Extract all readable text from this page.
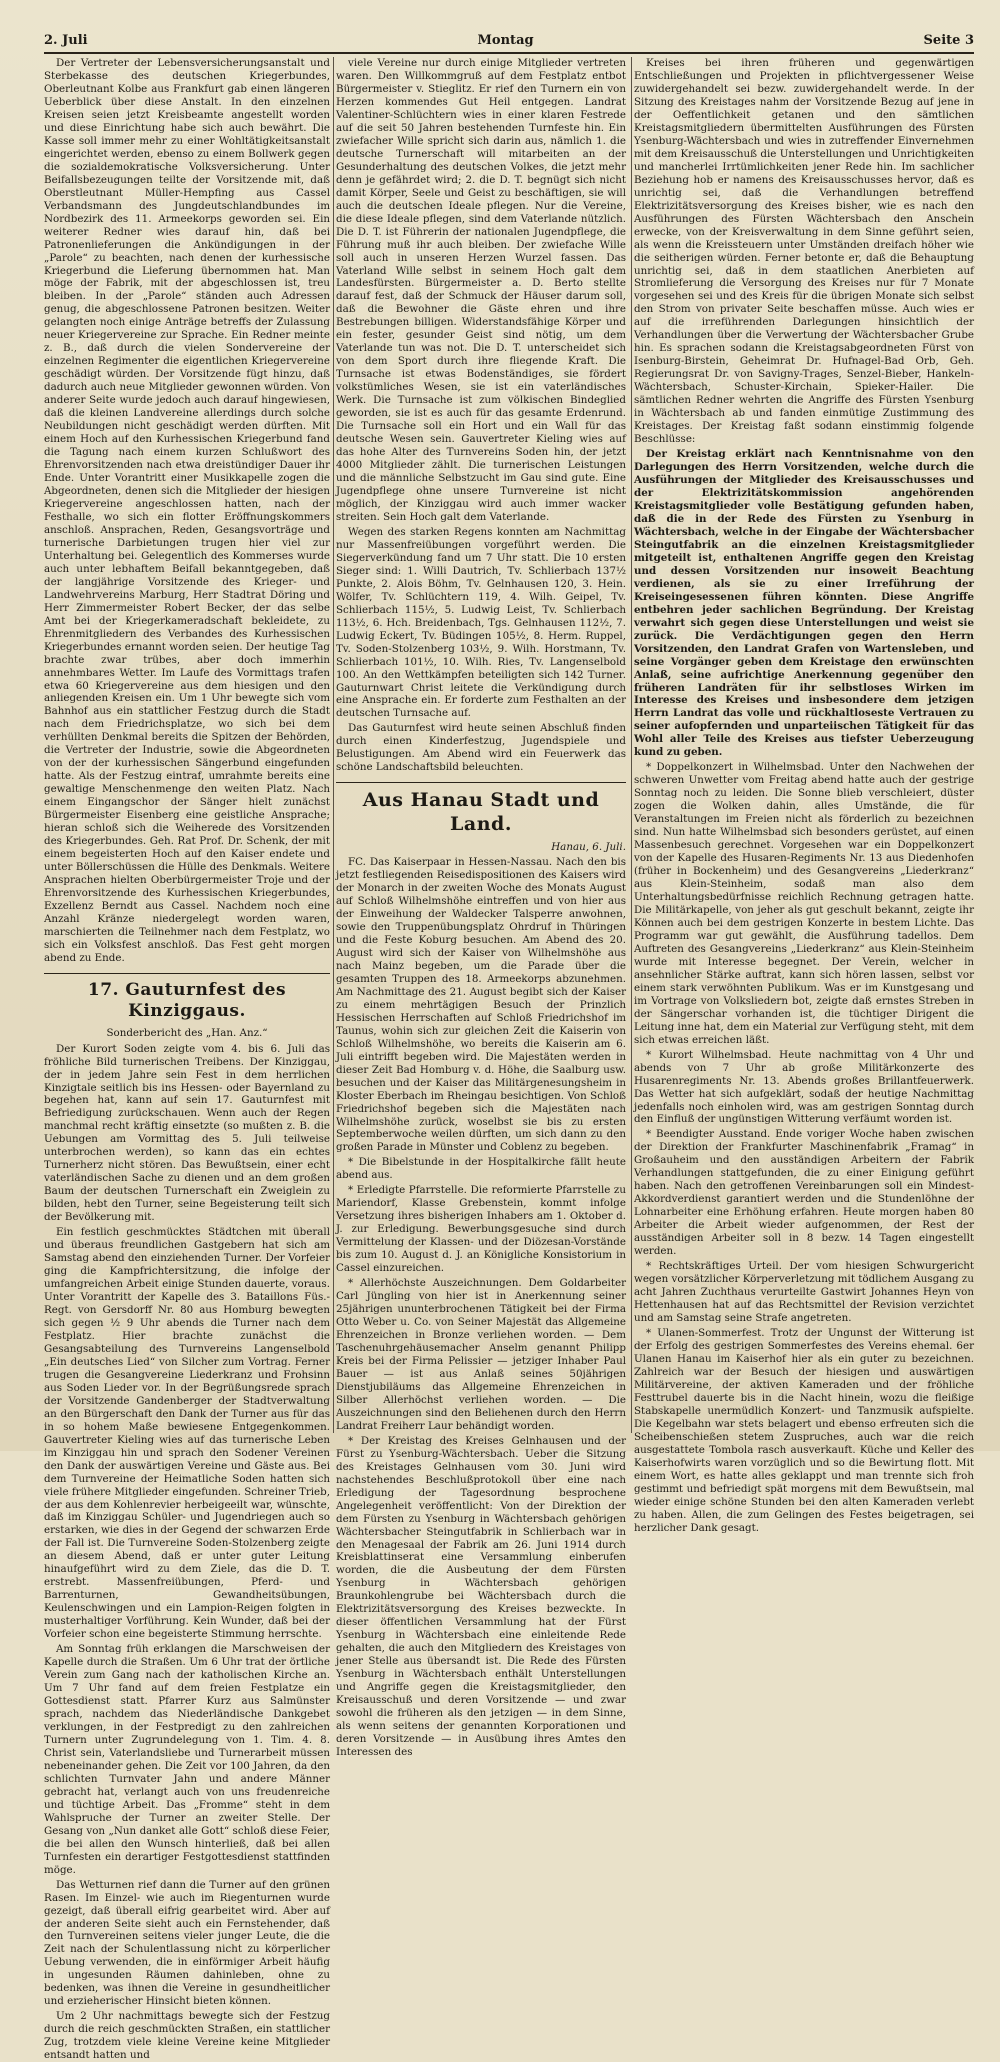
2. Juli	Montag	Seite 3

Der Vertreter der Lebensversicherungsanstalt und Sterbekasse des deutschen Kriegerbundes, Oberleutnant Kolbe aus Frankfurt gab einen längeren Ueberblick über diese Anstalt. In den einzelnen Kreisen seien jetzt Kreisbeamte angestellt worden und diese Einrichtung habe sich auch bewährt. Die Kasse soll immer mehr zu einer Wohltätigkeitsanstalt eingerichtet werden, ebenso zu einem Bollwerk gegen die sozialdemokratische Volksversicherung. Unter Beifallsbezeugungen teilte der Vorsitzende mit, daß Oberstleutnant Müller-Hempfing aus Cassel Verbandsmann des Jungdeutschlandbundes im Nordbezirk des 11. Armeekorps geworden sei. Ein weiterer Redner wies darauf hin, daß bei Patronenlieferungen die Ankündigungen in der „Parole“ zu beachten, nach denen der kurhessische Kriegerbund die Lieferung übernommen hat. Man möge der Fabrik, mit der abgeschlossen ist, treu bleiben. In der „Parole“ ständen auch Adressen genug, die abgeschlossene Patronen besitzen. Weiter gelangten noch einige Anträge betreffs der Zulassung neuer Kriegervereine zur Sprache. Ein Redner meinte z. B., daß durch die vielen Sondervereine der einzelnen Regimenter die eigentlichen Kriegervereine geschädigt würden. Der Vorsitzende fügt hinzu, daß dadurch auch neue Mitglieder gewonnen würden. Von anderer Seite wurde jedoch auch darauf hingewiesen, daß die kleinen Landvereine allerdings durch solche Neubildungen nicht geschädigt werden dürften. Mit einem Hoch auf den Kurhessischen Kriegerbund fand die Tagung nach einem kurzen Schlußwort des Ehrenvorsitzenden nach etwa dreistündiger Dauer ihr Ende. Unter Vorantritt einer Musikkapelle zogen die Abgeordneten, denen sich die Mitglieder der hiesigen Kriegervereine angeschlossen hatten, nach der Festhalle, wo sich ein flotter Eröffnungskommers anschloß. Ansprachen, Reden, Gesangsvorträge und turnerische Darbietungen trugen hier viel zur Unterhaltung bei. Gelegentlich des Kommerses wurde auch unter lebhaftem Beifall bekanntgegeben, daß der langjährige Vorsitzende des Krieger- und Landwehrvereins Marburg, Herr Stadtrat Döring und Herr Zimmermeister Robert Becker, der das selbe Amt bei der Kriegerkameradschaft bekleidete, zu Ehrenmitgliedern des Verbandes des Kurhessischen Kriegerbundes ernannt worden seien. Der heutige Tag brachte zwar trübes, aber doch immerhin annehmbares Wetter. Im Laufe des Vormittags trafen etwa 60 Kriegervereine aus dem hiesigen und den anliegenden Kreisen ein. Um 1 Uhr bewegte sich vom Bahnhof aus ein stattlicher Festzug durch die Stadt nach dem Friedrichsplatze, wo sich bei dem verhüllten Denkmal bereits die Spitzen der Behörden, die Vertreter der Industrie, sowie die Abgeordneten von der der kurhessischen Sängerbund eingefunden hatte. Als der Festzug eintraf, umrahmte bereits eine gewaltige Menschenmenge den weiten Platz. Nach einem Eingangschor der Sänger hielt zunächst Bürgermeister Eisenberg eine geistliche Ansprache; hieran schloß sich die Weiherede des Vorsitzenden des Kriegerbundes. Geh. Rat Prof. Dr. Schenk, der mit einem begeisterten Hoch auf den Kaiser endete und unter Böllerschüssen die Hülle des Denkmals. Weitere Ansprachen hielten Oberbürgermeister Troje und der Ehrenvorsitzende des Kurhessischen Kriegerbundes, Exzellenz Berndt aus Cassel. Nachdem noch eine Anzahl Kränze niedergelegt worden waren, marschierten die Teilnehmer nach dem Festplatz, wo sich ein Volksfest anschloß. Das Fest geht morgen abend zu Ende.

17. Gauturnfest des Kinziggaus.
Sonderbericht des „Han. Anz.“

Der Kurort Soden zeigte vom 4. bis 6. Juli das fröhliche Bild turnerischen Treibens. Der Kinziggau, der in jedem Jahre sein Fest in dem herrlichen Kinzigtale seitlich bis ins Hessen- oder Bayernland zu begehen hat, kann auf sein 17. Gauturnfest mit Befriedigung zurückschauen. Wenn auch der Regen manchmal recht kräftig einsetzte (so mußten z. B. die Uebungen am Vormittag des 5. Juli teilweise unterbrochen werden), so kann das ein echtes Turnerherz nicht stören. Das Bewußtsein, einer echt vaterländischen Sache zu dienen und an dem großen Baum der deutschen Turnerschaft ein Zweiglein zu bilden, hebt den Turner, seine Begeisterung teilt sich der Bevölkerung mit.

Ein festlich geschmücktes Städtchen mit überall und überaus freundlichen Gastgebern hat sich am Samstag abend den einziehenden Turner. Der Vorfeier ging die Kampfrichtersitzung, die infolge der umfangreichen Arbeit einige Stunden dauerte, voraus. Unter Vorantritt der Kapelle des 3. Bataillons Füs.-Regt. von Gersdorff Nr. 80 aus Homburg bewegten sich gegen ½ 9 Uhr abends die Turner nach dem Festplatz. Hier brachte zunächst die Gesangsabteilung des Turnvereins Langenselbold „Ein deutsches Lied“ von Silcher zum Vortrag. Ferner trugen die Gesangvereine Liederkranz und Frohsinn aus Soden Lieder vor. In der Begrüßungsrede sprach der Vorsitzende Gandenberger der Stadtverwaltung an den Bürgerschaft den Dank der Turner aus für das in so hohem Maße bewiesene Entgegenkommen. Gauvertreter Kieling wies auf das turnerische Leben im Kinziggau hin und sprach den Sodener Vereinen den Dank der auswärtigen Vereine und Gäste aus. Bei dem Turnvereine der Heimatliche Soden hatten sich viele frühere Mitglieder eingefunden. Schreiner Trieb, der aus dem Kohlenrevier herbeigeeilt war, wünschte, daß im Kinziggau Schüler- und Jugendriegen auch so erstarken, wie dies in der Gegend der schwarzen Erde der Fall ist. Die Turnvereine Soden-Stolzenberg zeigte an diesem Abend, daß er unter guter Leitung hinaufgeführt wird zu dem Ziele, das die D. T. erstrebt. Massenfreiübungen, Pferd- und Barrenturnen, Gewandheitsübungen, Keulenschwingen und ein Lampion-Reigen folgten in musterhaltiger Vorführung. Kein Wunder, daß bei der Vorfeier schon eine begeisterte Stimmung herrschte.

Am Sonntag früh erklangen die Marschweisen der Kapelle durch die Straßen. Um 6 Uhr trat der örtliche Verein zum Gang nach der katholischen Kirche an. Um 7 Uhr fand auf dem freien Festplatze ein Gottesdienst statt. Pfarrer Kurz aus Salmünster sprach, nachdem das Niederländische Dankgebet verklungen, in der Festpredigt zu den zahlreichen Turnern unter Zugrundelegung von 1. Tim. 4. 8. Christ sein, Vaterlandsliebe und Turnerarbeit müssen nebeneinander gehen. Die Zeit vor 100 Jahren, da den schlichten Turnvater Jahn und andere Männer gebracht hat, verlangt auch von uns freudenreiche und tüchtige Arbeit. Das „Fromme“ steht in dem Wahlspruche der Turner an zweiter Stelle. Der Gesang von „Nun danket alle Gott“ schloß diese Feier, die bei allen den Wunsch hinterließ, daß bei allen Turnfesten ein derartiger Festgottesdienst stattfinden möge.

Das Wetturnen rief dann die Turner auf den grünen Rasen. Im Einzel- wie auch im Riegenturnen wurde gezeigt, daß überall eifrig gearbeitet wird. Aber auf der anderen Seite sieht auch ein Fernstehender, daß den Turnvereinen seitens vieler junger Leute, die die Zeit nach der Schulentlassung nicht zu körperlicher Uebung verwenden, die in einförmiger Arbeit häufig in ungesunden Räumen dahinleben, ohne zu bedenken, was ihnen die Vereine in gesundheitlicher und erzieherischer Hinsicht bieten können.

Um 2 Uhr nachmittags bewegte sich der Festzug durch die reich geschmückten Straßen, ein stattlicher Zug, trotzdem viele kleine Vereine keine Mitglieder entsandt hatten und

viele Vereine nur durch einige Mitglieder vertreten waren. Den Willkommgruß auf dem Festplatz entbot Bürgermeister v. Stieglitz. Er rief den Turnern ein von Herzen kommendes Gut Heil entgegen. Landrat Valentiner-Schlüchtern wies in einer klaren Festrede auf die seit 50 Jahren bestehenden Turnfeste hin. Ein zwiefacher Wille spricht sich darin aus, nämlich 1. die deutsche Turnerschaft will mitarbeiten an der Gesunderhaltung des deutschen Volkes, die jetzt mehr denn je gefährdet wird; 2. die D. T. begnügt sich nicht damit Körper, Seele und Geist zu beschäftigen, sie will auch die deutschen Ideale pflegen. Nur die Vereine, die diese Ideale pflegen, sind dem Vaterlande nützlich. Die D. T. ist Führerin der nationalen Jugendpflege, die Führung muß ihr auch bleiben. Der zwiefache Wille soll auch in unseren Herzen Wurzel fassen. Das Vaterland Wille selbst in seinem Hoch galt dem Landesfürsten. Bürgermeister a. D. Berto stellte darauf fest, daß der Schmuck der Häuser darum soll, daß die Bewohner die Gäste ehren und ihre Bestrebungen billigen. Widerstandsfähige Körper und ein fester, gesunder Geist sind nötig, um dem Vaterlande tun was not. Die D. T. unterscheidet sich von dem Sport durch ihre fliegende Kraft. Die Turnsache ist etwas Bodenständiges, sie fördert volkstümliches Wesen, sie ist ein vaterländisches Werk. Die Turnsache ist zum völkischen Bindeglied geworden, sie ist es auch für das gesamte Erdenrund. Die Turnsache soll ein Hort und ein Wall für das deutsche Wesen sein. Gauvertreter Kieling wies auf das hohe Alter des Turnvereins Soden hin, der jetzt 4000 Mitglieder zählt. Die turnerischen Leistungen und die männliche Selbstzucht im Gau sind gute. Eine Jugendpflege ohne unsere Turnvereine ist nicht möglich, der Kinziggau wird auch immer wacker streiten. Sein Hoch galt dem Vaterlande.

Wegen des starken Regens konnten am Nachmittag nur Massenfreiübungen vorgeführt werden. Die Siegerverkündung fand um 7 Uhr statt. Die 10 ersten Sieger sind: 1. Willi Dautrich, Tv. Schlierbach 137½ Punkte, 2. Alois Böhm, Tv. Gelnhausen 120, 3. Hein. Wölfer, Tv. Schlüchtern 119, 4. Wilh. Geipel, Tv. Schlierbach 115½, 5. Ludwig Leist, Tv. Schlierbach 113½, 6. Hch. Breidenbach, Tgs. Gelnhausen 112½, 7. Ludwig Eckert, Tv. Büdingen 105½, 8. Herm. Ruppel, Tv. Soden-Stolzenberg 103½, 9. Wilh. Horstmann, Tv. Schlierbach 101½, 10. Wilh. Ries, Tv. Langenselbold 100. An den Wettkämpfen beteiligten sich 142 Turner. Gauturnwart Christ leitete die Verkündigung durch eine Ansprache ein. Er forderte zum Festhalten an der deutschen Turnsache auf.

Das Gauturnfest wird heute seinen Abschluß finden durch einen Kinderfestzug, Jugendspiele und Belustigungen. Am Abend wird ein Feuerwerk das schöne Landschaftsbild beleuchten.

Aus Hanau Stadt und Land.
Hanau, 6. Juli.

FC. Das Kaiserpaar in Hessen-Nassau. Nach den bis jetzt festliegenden Reisedispositionen des Kaisers wird der Monarch in der zweiten Woche des Monats August auf Schloß Wilhelmshöhe eintreffen und von hier aus der Einweihung der Waldecker Talsperre anwohnen, sowie den Truppenübungsplatz Ohrdruf in Thüringen und die Feste Koburg besuchen. Am Abend des 20. August wird sich der Kaiser von Wilhelmshöhe aus nach Mainz begeben, um die Parade über die gesamten Truppen des 18. Armeekorps abzunehmen. Am Nachmittage des 21. August begibt sich der Kaiser zu einem mehrtägigen Besuch der Prinzlich Hessischen Herrschaften auf Schloß Friedrichshof im Taunus, wohin sich zur gleichen Zeit die Kaiserin von Schloß Wilhelmshöhe, wo bereits die Kaiserin am 6. Juli eintrifft begeben wird. Die Majestäten werden in dieser Zeit Bad Homburg v. d. Höhe, die Saalburg usw. besuchen und der Kaiser das Militärgenesungsheim in Kloster Eberbach im Rheingau besichtigen. Von Schloß Friedrichshof begeben sich die Majestäten nach Wilhelmshöhe zurück, woselbst sie bis zu ersten Septemberwoche weilen dürften, um sich dann zu den großen Parade in Münster und Coblenz zu begeben.

* Die Bibelstunde in der Hospitalkirche fällt heute abend aus.

* Erledigte Pfarrstelle. Die reformierte Pfarrstelle zu Mariendorf, Klasse Grebenstein, kommt infolge Versetzung ihres bisherigen Inhabers am 1. Oktober d. J. zur Erledigung. Bewerbungsgesuche sind durch Vermittelung der Klassen- und der Diözesan-Vorstände bis zum 10. August d. J. an Königliche Konsistorium in Cassel einzureichen.

* Allerhöchste Auszeichnungen. Dem Goldarbeiter Carl Jüngling von hier ist in Anerkennung seiner 25jährigen ununterbrochenen Tätigkeit bei der Firma Otto Weber u. Co. von Seiner Majestät das Allgemeine Ehrenzeichen in Bronze verliehen worden. — Dem Taschenuhrgehäusemacher Anselm genannt Philipp Kreis bei der Firma Pelissier — jetziger Inhaber Paul Bauer — ist aus Anlaß seines 50jährigen Dienstjubiläums das Allgemeine Ehrenzeichen in Silber Allerhöchst verliehen worden. — Die Auszeichnungen sind den Beliehenen durch den Herrn Landrat Freiherr Laur behändigt worden.

* Der Kreistag des Kreises Gelnhausen und der Fürst zu Ysenburg-Wächtersbach. Ueber die Sitzung des Kreistages Gelnhausen vom 30. Juni wird nachstehendes Beschlußprotokoll über eine nach Erledigung der Tagesordnung besprochene Angelegenheit veröffentlicht: Von der Direktion der dem Fürsten zu Ysenburg in Wächtersbach gehörigen Wächtersbacher Steingutfabrik in Schlierbach war in den Menagesaal der Fabrik am 26. Juni 1914 durch Kreisblattinserat eine Versammlung einberufen worden, die die Ausbeutung der dem Fürsten Ysenburg in Wächtersbach gehörigen Braunkohlengrube bei Wächtersbach durch die Elektrizitätsversorgung des Kreises bezweckte. In dieser öffentlichen Versammlung hat der Fürst Ysenburg in Wächtersbach eine einleitende Rede gehalten, die auch den Mitgliedern des Kreistages von jener Stelle aus übersandt ist. Die Rede des Fürsten Ysenburg in Wächtersbach enthält Unterstellungen und Angriffe gegen die Kreistagsmitglieder, den Kreisausschuß und deren Vorsitzende — und zwar sowohl die früheren als den jetzigen — in dem Sinne, als wenn seitens der genannten Korporationen und deren Vorsitzende — in Ausübung ihres Amtes den Interessen des

Kreises bei ihren früheren und gegenwärtigen Entschließungen und Projekten in pflichtvergessener Weise zuwidergehandelt sei bezw. zuwidergehandelt werde. In der Sitzung des Kreistages nahm der Vorsitzende Bezug auf jene in der Oeffentlichkeit getanen und den sämtlichen Kreistagsmitgliedern übermittelten Ausführungen des Fürsten Ysenburg-Wächtersbach und wies in zutreffender Einvernehmen mit dem Kreisausschuß die Unterstellungen und Unrichtigkeiten und mancherlei Irrtümlichkeiten jener Rede hin. Im sachlicher Beziehung hob er namens des Kreisausschusses hervor, daß es unrichtig sei, daß die Verhandlungen betreffend Elektrizitätsversorgung des Kreises bisher, wie es nach den Ausführungen des Fürsten Wächtersbach den Anschein erwecke, von der Kreisverwaltung in dem Sinne geführt seien, als wenn die Kreissteuern unter Umständen dreifach höher wie die seitherigen würden. Ferner betonte er, daß die Behauptung unrichtig sei, daß in dem staatlichen Anerbieten auf Stromlieferung die Versorgung des Kreises nur für 7 Monate vorgesehen sei und des Kreis für die übrigen Monate sich selbst den Strom von privater Seite beschaffen müsse. Auch wies er auf die irreführenden Darlegungen hinsichtlich der Verhandlungen über die Verwertung der Wächtersbacher Grube hin. Es sprachen sodann die Kreistagsabgeordneten Fürst von Isenburg-Birstein, Geheimrat Dr. Hufnagel-Bad Orb, Geh. Regierungsrat Dr. von Savigny-Trages, Senzel-Bieber, Hankeln-Wächtersbach, Schuster-Kirchain, Spieker-Hailer. Die sämtlichen Redner wehrten die Angriffe des Fürsten Ysenburg in Wächtersbach ab und fanden einmütige Zustimmung des Kreistages. Der Kreistag faßt sodann einstimmig folgende Beschlüsse:

Der Kreistag erklärt nach Kenntnisnahme von den Darlegungen des Herrn Vorsitzenden, welche durch die Ausführungen der Mitglieder des Kreisausschusses und der Elektrizitätskommission angehörenden Kreistagsmitglieder volle Bestätigung gefunden haben, daß die in der Rede des Fürsten zu Ysenburg in Wächtersbach, welche in der Eingabe der Wächtersbacher Steingutfabrik an die einzelnen Kreistagsmitglieder mitgeteilt ist, enthaltenen Angriffe gegen den Kreistag und dessen Vorsitzenden nur insoweit Beachtung verdienen, als sie zu einer Irreführung der Kreiseingesessenen führen könnten. Diese Angriffe entbehren jeder sachlichen Begründung. Der Kreistag verwahrt sich gegen diese Unterstellungen und weist sie zurück. Die Verdächtigungen gegen den Herrn Vorsitzenden, den Landrat Grafen von Wartensleben, und seine Vorgänger geben dem Kreistage den erwünschten Anlaß, seine aufrichtige Anerkennung gegenüber den früheren Landräten für ihr selbstloses Wirken im Interesse des Kreises und insbesondere dem jetzigen Herrn Landrat das volle und rückhaltloseste Vertrauen zu seiner aufopfernden und unparteiischen Tätigkeit für das Wohl aller Teile des Kreises aus tiefster Ueberzeugung kund zu geben.

* Doppelkonzert in Wilhelmsbad. Unter den Nachwehen der schweren Unwetter vom Freitag abend hatte auch der gestrige Sonntag noch zu leiden. Die Sonne blieb verschleiert, düster zogen die Wolken dahin, alles Umstände, die für Veranstaltungen im Freien nicht als förderlich zu bezeichnen sind. Nun hatte Wilhelmsbad sich besonders gerüstet, auf einen Massenbesuch gerechnet. Vorgesehen war ein Doppelkonzert von der Kapelle des Husaren-Regiments Nr. 13 aus Diedenhofen (früher in Bockenheim) und des Gesangvereins „Liederkranz“ aus Klein-Steinheim, sodaß man also dem Unterhaltungsbedürfnisse reichlich Rechnung getragen hatte. Die Militärkapelle, von jeher als gut geschult bekannt, zeigte ihr Können auch bei dem gestrigen Konzerte in bestem Lichte. Das Programm war gut gewählt, die Ausführung tadellos. Dem Auftreten des Gesangvereins „Liederkranz“ aus Klein-Steinheim wurde mit Interesse begegnet. Der Verein, welcher in ansehnlicher Stärke auftrat, kann sich hören lassen, selbst vor einem stark verwöhnten Publikum. Was er im Kunstgesang und im Vortrage von Volksliedern bot, zeigte daß ernstes Streben in der Sängerschar vorhanden ist, die tüchtiger Dirigent die Leitung inne hat, dem ein Material zur Verfügung steht, mit dem sich etwas erreichen läßt.

* Kurort Wilhelmsbad. Heute nachmittag von 4 Uhr und abends von 7 Uhr ab große Militärkonzerte des Husarenregiments Nr. 13. Abends großes Brillantfeuerwerk. Das Wetter hat sich aufgeklärt, sodaß der heutige Nachmittag jedenfalls noch einholen wird, was am gestrigen Sonntag durch den Einfluß der ungünstigen Witterung verfäumt worden ist.

* Beendigter Ausstand. Ende voriger Woche haben zwischen der Direktion der Frankfurter Maschinenfabrik „Framag“ in Großauheim und den ausständigen Arbeitern der Fabrik Verhandlungen stattgefunden, die zu einer Einigung geführt haben. Nach den getroffenen Vereinbarungen soll ein Mindest-Akkordverdienst garantiert werden und die Stundenlöhne der Lohnarbeiter eine Erhöhung erfahren. Heute morgen haben 80 Arbeiter die Arbeit wieder aufgenommen, der Rest der ausständigen Arbeiter soll in 8 bezw. 14 Tagen eingestellt werden.

* Rechtskräftiges Urteil. Der vom hiesigen Schwurgericht wegen vorsätzlicher Körperverletzung mit tödlichem Ausgang zu acht Jahren Zuchthaus verurteilte Gastwirt Johannes Heyn von Hettenhausen hat auf das Rechtsmittel der Revision verzichtet und am Samstag seine Strafe angetreten.

* Ulanen-Sommerfest. Trotz der Ungunst der Witterung ist der Erfolg des gestrigen Sommerfestes des Vereins ehemal. 6er Ulanen Hanau im Kaiserhof hier als ein guter zu bezeichnen. Zahlreich war der Besuch der hiesigen und auswärtigen Militärvereine, der aktiven Kameraden und der fröhliche Festtrubel dauerte bis in die Nacht hinein, wozu die fleißige Stabskapelle unermüdlich Konzert- und Tanzmusik aufspielte. Die Kegelbahn war stets belagert und ebenso erfreuten sich die Scheibenschießen stetem Zuspruches, auch war die reich ausgestattete Tombola rasch ausverkauft. Küche und Keller des Kaiserhofwirts waren vorzüglich und so die Bewirtung flott. Mit einem Wort, es hatte alles geklappt und man trennte sich froh gestimmt und befriedigt spät morgens mit dem Bewußtsein, mal wieder einige schöne Stunden bei den alten Kameraden verlebt zu haben. Allen, die zum Gelingen des Festes beigetragen, sei herzlicher Dank gesagt.
